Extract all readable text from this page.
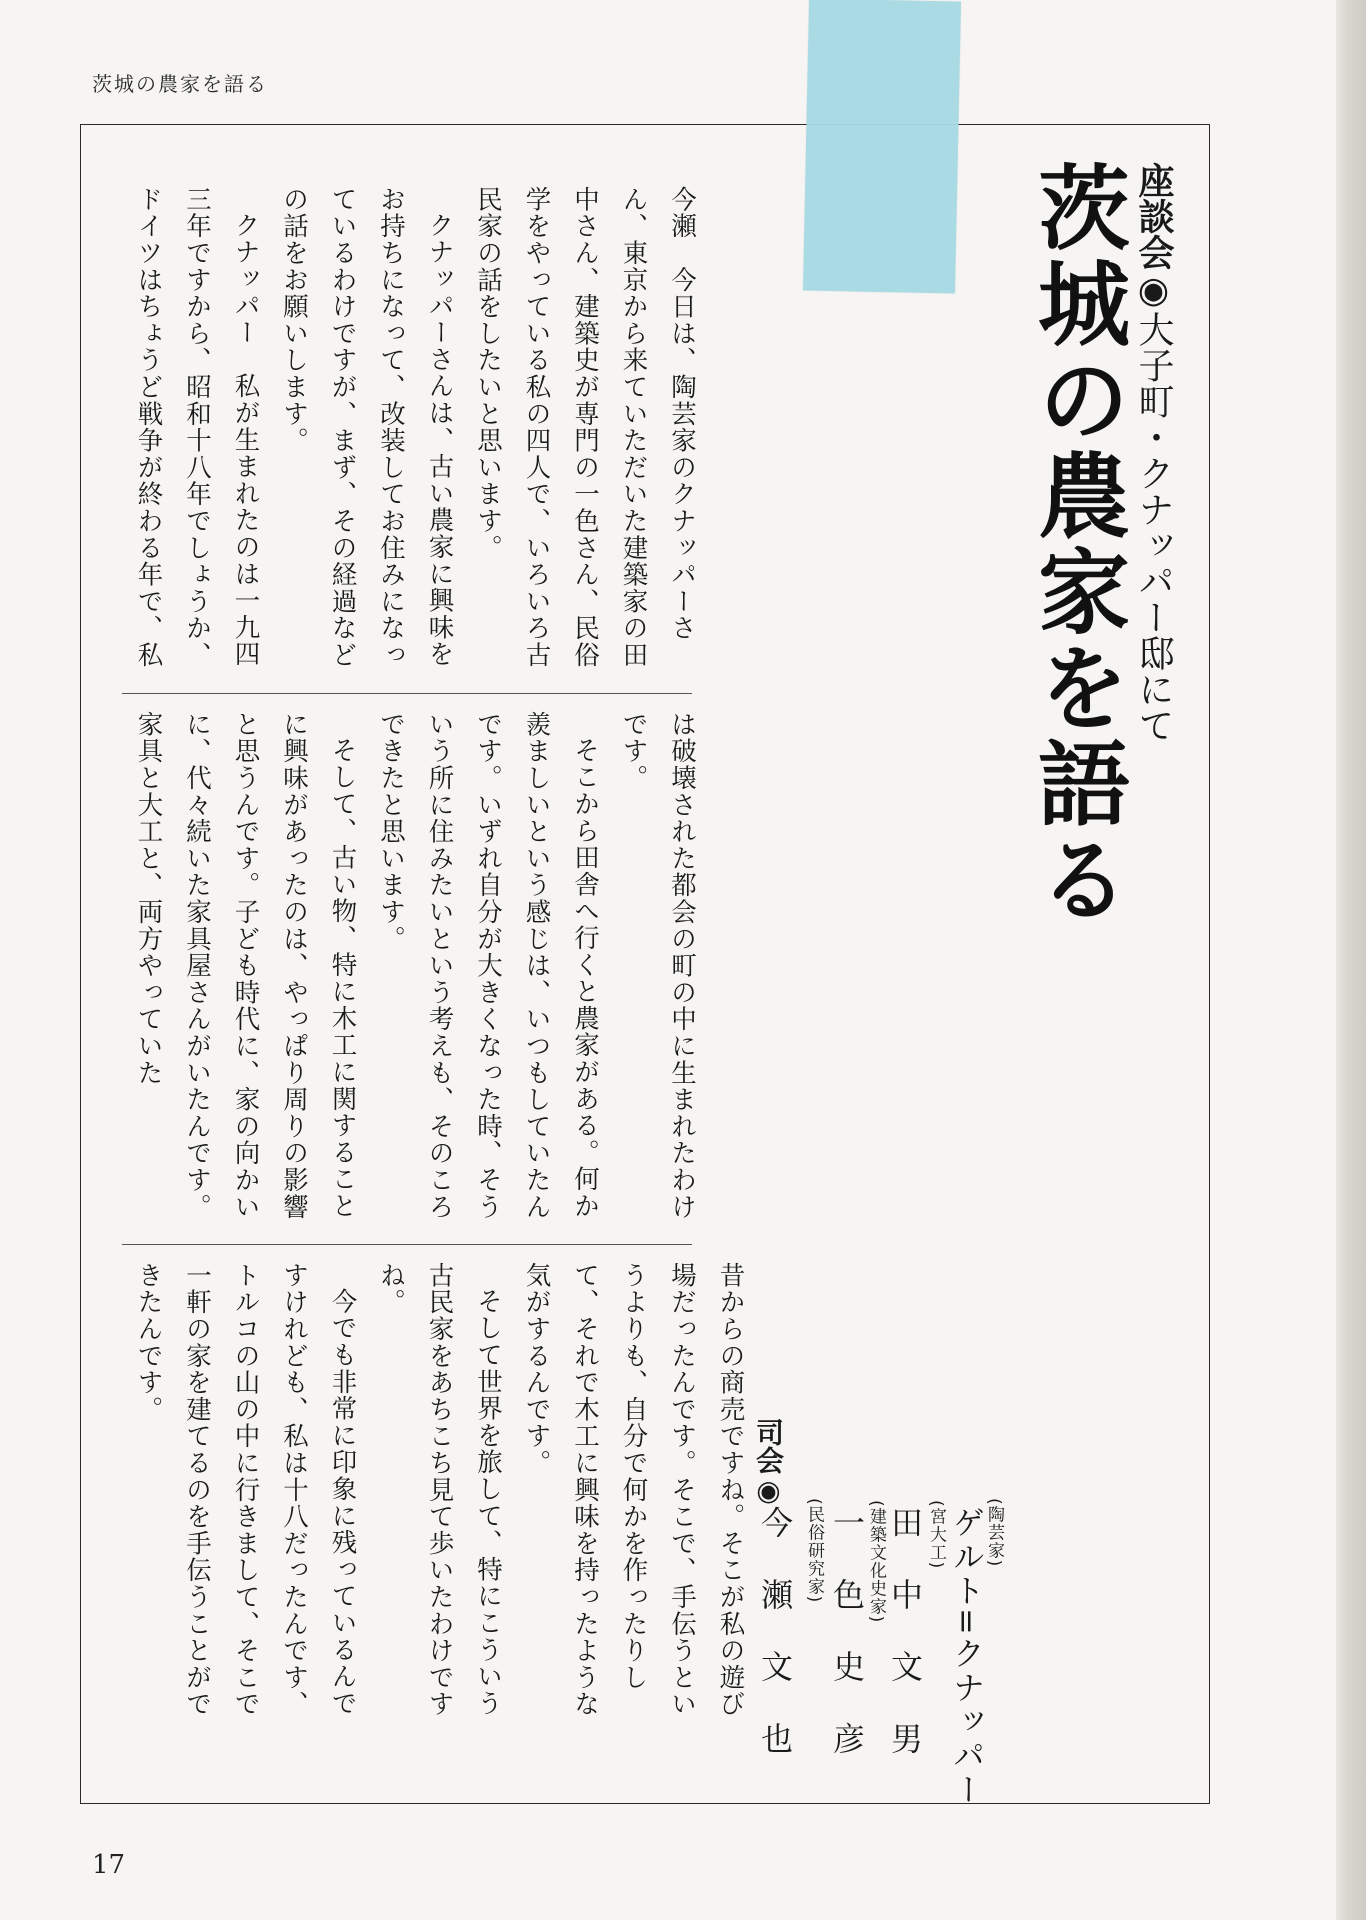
茨城の農家を語る
座談会◉大子町・クナッパー邸にて
茨城の農家を語る
(陶芸家)
ゲルト=クナッパー
(宮大工)
田　中　文　男
(建築文化史家)
一　色　史　彦
(民俗研究家)
司会◉
今　瀬　文　也

今瀬　今日は、陶芸家のクナッパーさん、東京から来ていただいた建築家の田中さん、建築史が専門の一色さん、民俗学をやっている私の四人で、いろいろ古民家の話をしたいと思います。

クナッパーさんは、古い農家に興味をお持ちになって、改装してお住みになっているわけですが、まず、その経過などの話をお願いします。

クナッパー　私が生まれたのは一九四三年ですから、昭和十八年でしょうか、ドイツはちょうど戦争が終わる年で、私

は破壊された都会の町の中に生まれたわけです。

そこから田舎へ行くと農家がある。何か羨ましいという感じは、いつもしていたんです。いずれ自分が大きくなった時、そういう所に住みたいという考えも、そのころできたと思います。

そして、古い物、特に木工に関することに興味があったのは、やっぱり周りの影響と思うんです。子ども時代に、家の向かいに、代々続いた家具屋さんがいたんです。家具と大工と、両方やっていた

昔からの商売ですね。そこが私の遊び場だったんです。そこで、手伝うというよりも、自分で何かを作ったりして、それで木工に興味を持ったような気がするんです。

そして世界を旅して、特にこういう古民家をあちこち見て歩いたわけですね。

今でも非常に印象に残っているんですけれども、私は十八だったんです、トルコの山の中に行きまして、そこで一軒の家を建てるのを手伝うことができたんです。

17
